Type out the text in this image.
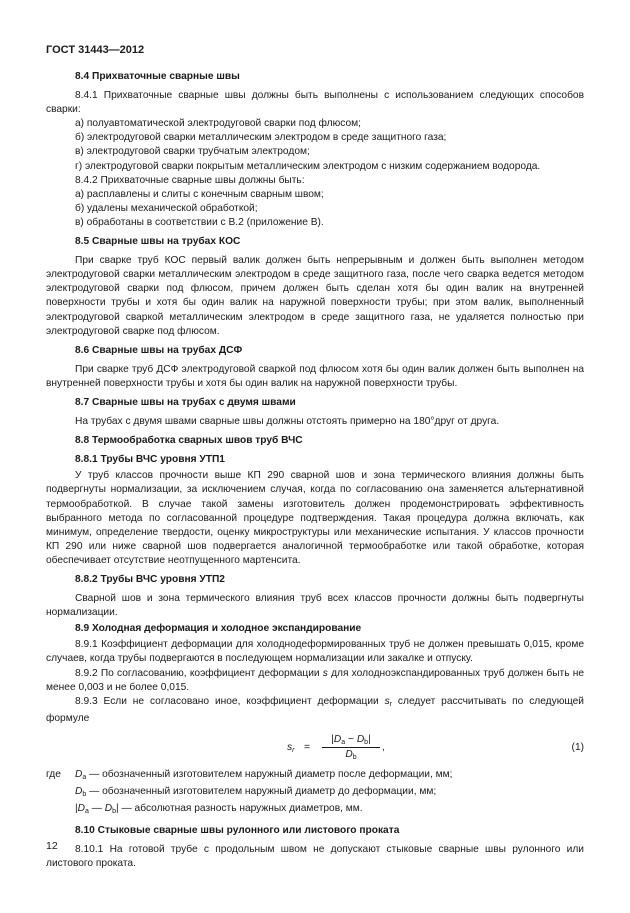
ГОСТ 31443—2012

8.4 Прихваточные сварные швы

8.4.1 Прихваточные сварные швы должны быть выполнены с использованием следующих способов сварки:

а) полуавтоматической электродуговой сварки под флюсом;

б) электродуговой сварки металлическим электродом в среде защитного газа;

в) электродуговой сварки трубчатым электродом;

г) электродуговой сварки покрытым металлическим электродом с низким содержанием водорода.

8.4.2 Прихваточные сварные швы должны быть:

а) расплавлены и слиты с конечным сварным швом;

б) удалены механической обработкой;

в) обработаны в соответствии с В.2 (приложение В).

8.5 Сварные швы на трубах КОС

При сварке труб КОС первый валик должен быть непрерывным и должен быть выполнен методом электродуговой сварки металлическим электродом в среде защитного газа, после чего сварка ведется методом электродуговой сварки под флюсом, причем должен быть сделан хотя бы один валик на внутренней поверхности трубы и хотя бы один валик на наружной поверхности трубы; при этом валик, выполненный электродуговой сваркой металлическим электродом в среде защитного газа, не удаляется полностью при электродуговой сварке под флюсом.

8.6 Сварные швы на трубах ДСФ

При сварке труб ДСФ электродуговой сваркой под флюсом хотя бы один валик должен быть выполнен на внутренней поверхности трубы и хотя бы один валик на наружной поверхности трубы.

8.7 Сварные швы на трубах с двумя швами

На трубах с двумя швами сварные швы должны отстоять примерно на 180°друг от друга.

8.8 Термообработка сварных швов труб ВЧС

8.8.1 Трубы ВЧС уровня УТП1

У труб классов прочности выше КП 290 сварной шов и зона термического влияния должны быть подвергнуты нормализации, за исключением случая, когда по согласованию она заменяется альтернативной термообработкой. В случае такой замены изготовитель должен продемонстрировать эффективность выбранного метода по согласованной процедуре подтверждения. Такая процедура должна включать, как минимум, определение твердости, оценку микроструктуры или механические испытания. У классов прочности КП 290 или ниже сварной шов подвергается аналогичной термообработке или такой обработке, которая обеспечивает отсутствие неотпущенного мартенсита.

8.8.2 Трубы ВЧС уровня УТП2

Сварной шов и зона термического влияния труб всех классов прочности должны быть подвергнуты нормализации.

8.9 Холодная деформация и холодное экспандирование

8.9.1 Коэффициент деформации для холоднодеформированных труб не должен превышать 0,015, кроме случаев, когда трубы подвергаются в последующем нормализации или закалке и отпуску.

8.9.2 По согласованию, коэффициент деформации s для холодноэкспандированных труб должен быть не менее 0,003 и не более 0,015.

8.9.3 Если не согласовано иное, коэффициент деформации $s_r$ следует рассчитывать по следующей формуле

$s_r = \frac{|D_a - D_b|}{D_b}$ ,	(1)
где	$D_a$ — обозначенный изготовителем наружный диаметр после деформации, мм;

$D_b$ — обозначенный изготовителем наружный диаметр до деформации, мм;

$|D_a$ — $D_b|$ — абсолютная разность наружных диаметров, мм.

8.10 Стыковые сварные швы рулонного или листового проката

8.10.1 На готовой трубе с продольным швом не допускают стыковые сварные швы рулонного или листового проката.

12
